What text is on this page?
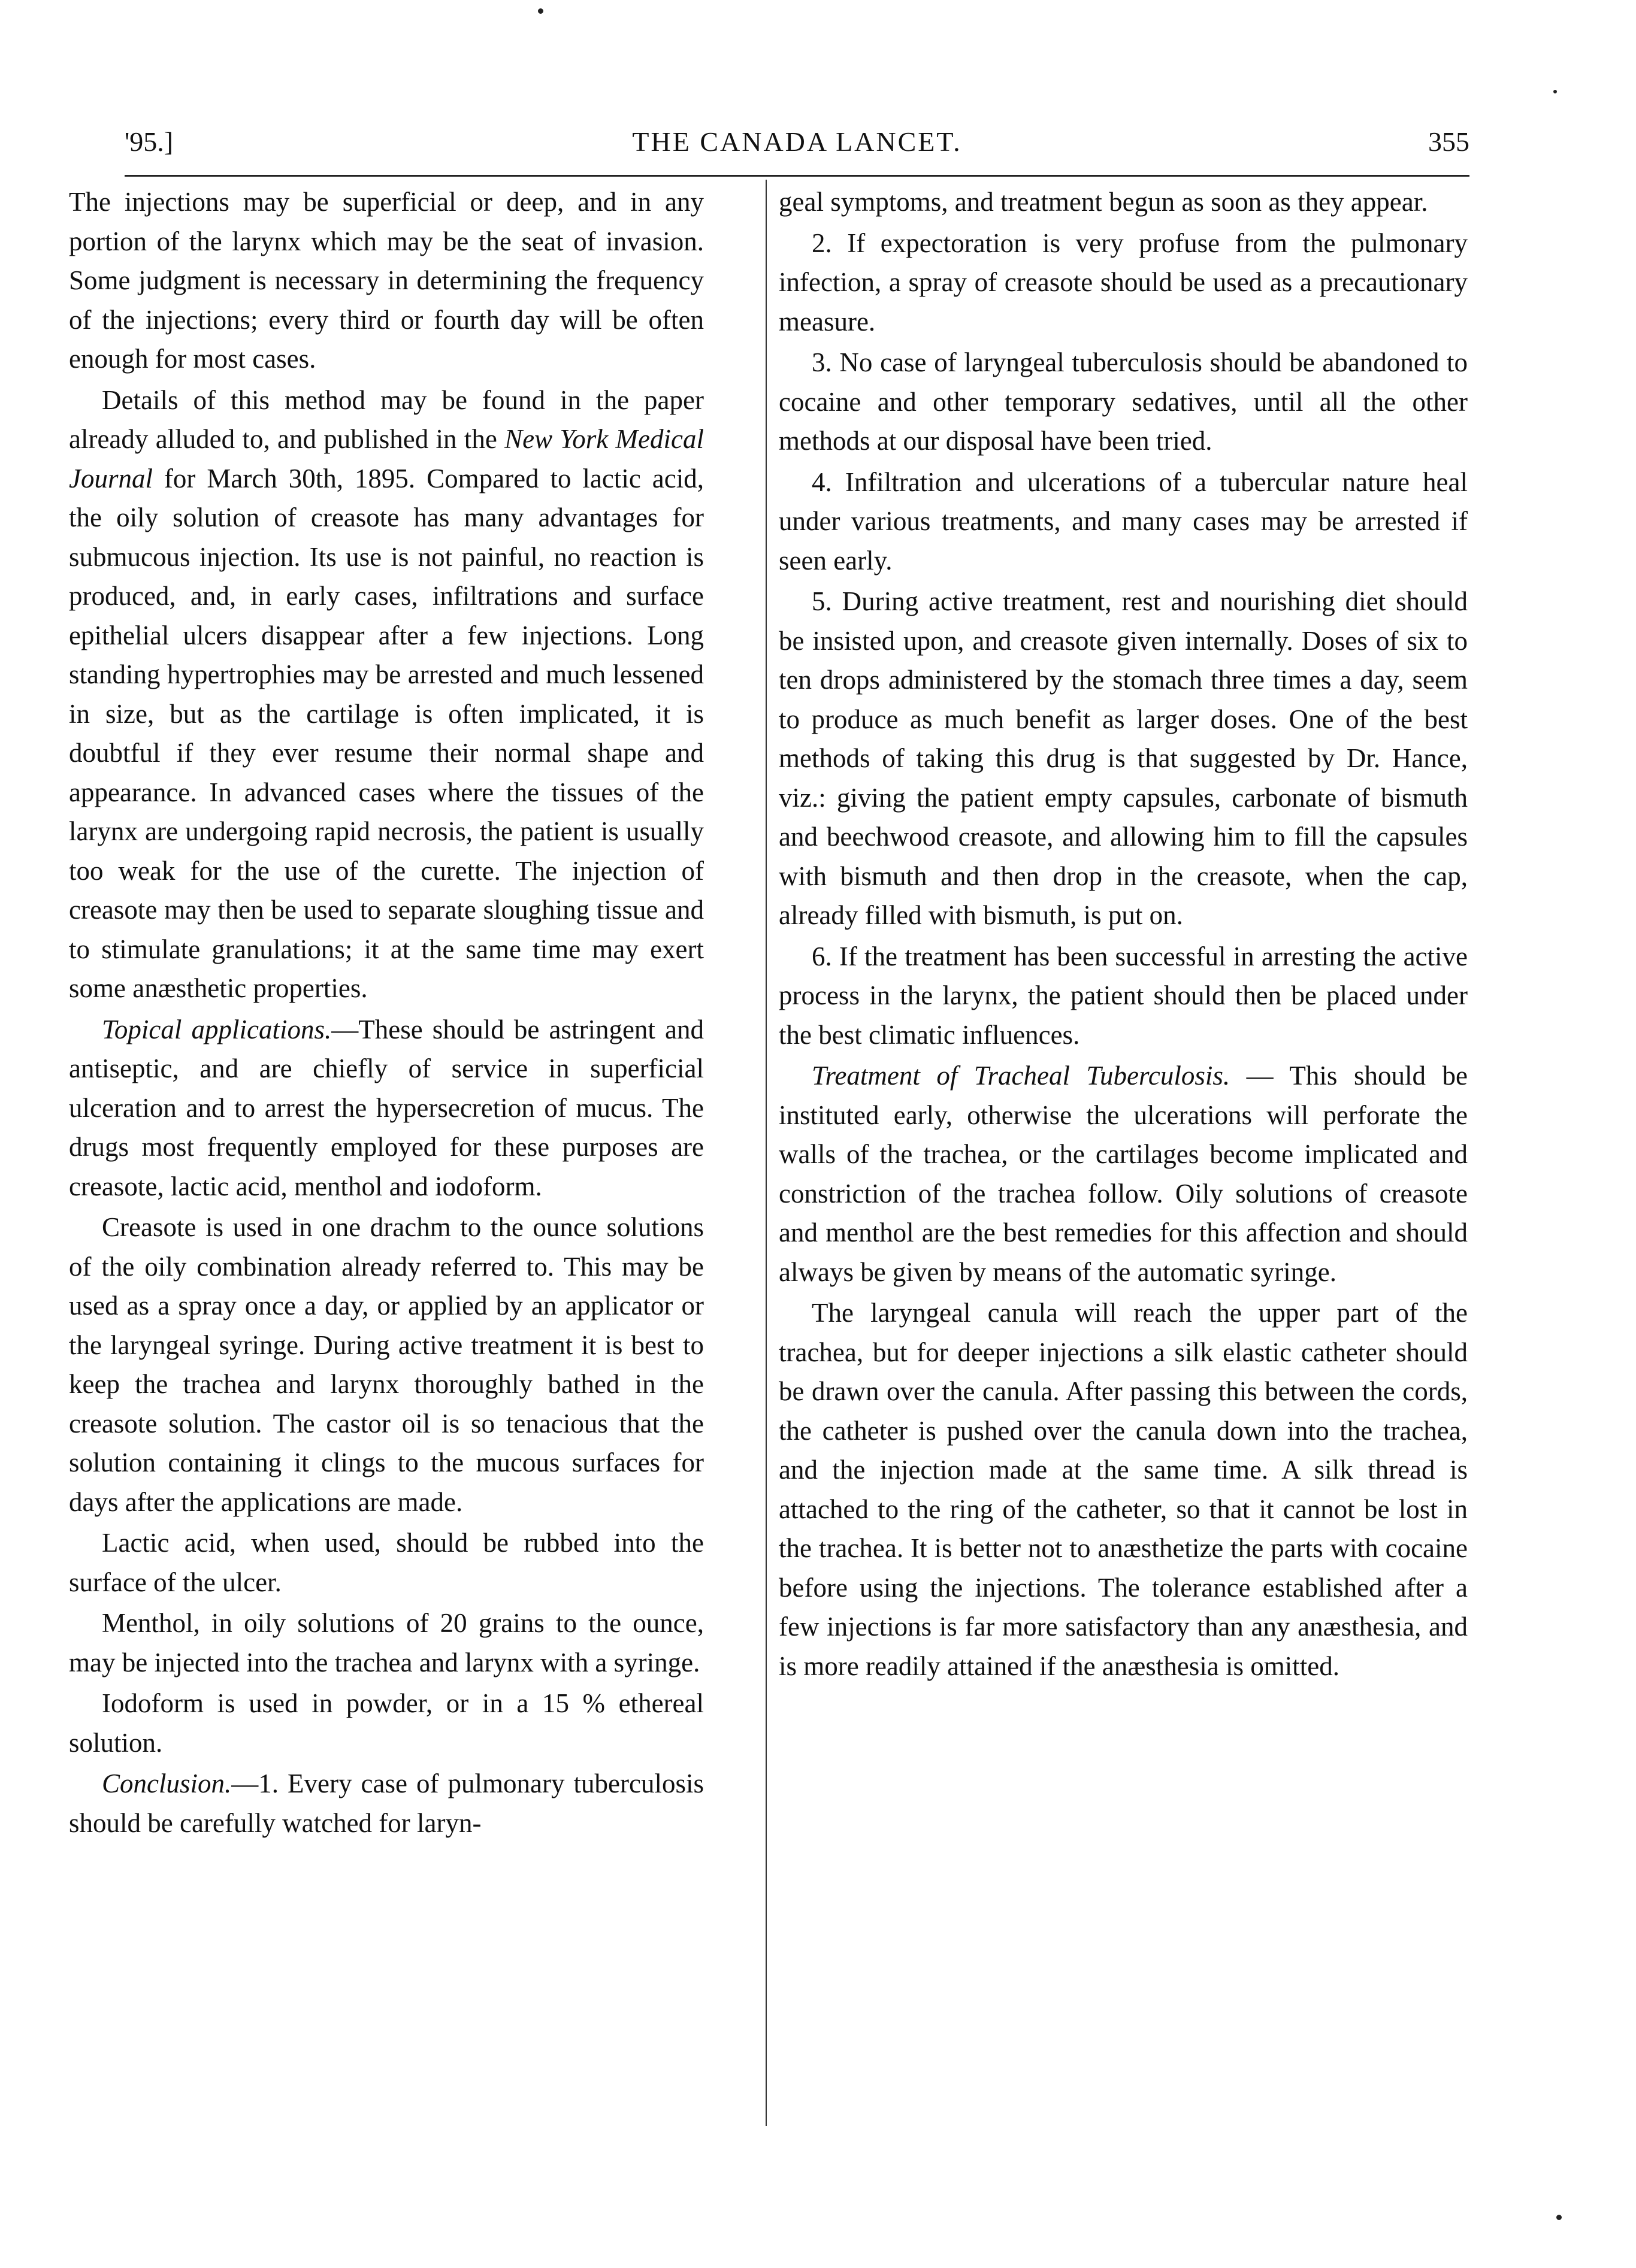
'95.]	THE CANADA LANCET.	355

The injections may be superficial or deep, and in any portion of the larynx which may be the seat of invasion. Some judgment is necessary in determining the frequency of the injections; every third or fourth day will be often enough for most cases.

Details of this method may be found in the paper already alluded to, and published in the New York Medical Journal for March 30th, 1895. Compared to lactic acid, the oily solution of creasote has many advantages for submucous injection. Its use is not painful, no reaction is produced, and, in early cases, infiltrations and surface epithelial ulcers disappear after a few injections. Long standing hypertrophies may be arrested and much lessened in size, but as the cartilage is often implicated, it is doubtful if they ever resume their normal shape and appearance. In advanced cases where the tissues of the larynx are undergoing rapid necrosis, the patient is usually too weak for the use of the curette. The injection of creasote may then be used to separate sloughing tissue and to stimulate granulations; it at the same time may exert some anæsthetic properties.

Topical applications.—These should be astringent and antiseptic, and are chiefly of service in superficial ulceration and to arrest the hypersecretion of mucus. The drugs most frequently employed for these purposes are creasote, lactic acid, menthol and iodoform.

Creasote is used in one drachm to the ounce solutions of the oily combination already referred to. This may be used as a spray once a day, or applied by an applicator or the laryngeal syringe. During active treatment it is best to keep the trachea and larynx thoroughly bathed in the creasote solution. The castor oil is so tenacious that the solution containing it clings to the mucous surfaces for days after the applications are made.

Lactic acid, when used, should be rubbed into the surface of the ulcer.

Menthol, in oily solutions of 20 grains to the ounce, may be injected into the trachea and larynx with a syringe.

Iodoform is used in powder, or in a 15 % ethereal solution.

Conclusion.—1. Every case of pulmonary tuberculosis should be carefully watched for laryn-

geal symptoms, and treatment begun as soon as they appear.

2. If expectoration is very profuse from the pulmonary infection, a spray of creasote should be used as a precautionary measure.

3. No case of laryngeal tuberculosis should be abandoned to cocaine and other temporary sedatives, until all the other methods at our disposal have been tried.

4. Infiltration and ulcerations of a tubercular nature heal under various treatments, and many cases may be arrested if seen early.

5. During active treatment, rest and nourishing diet should be insisted upon, and creasote given internally. Doses of six to ten drops administered by the stomach three times a day, seem to produce as much benefit as larger doses. One of the best methods of taking this drug is that suggested by Dr. Hance, viz.: giving the patient empty capsules, carbonate of bismuth and beechwood creasote, and allowing him to fill the capsules with bismuth and then drop in the creasote, when the cap, already filled with bismuth, is put on.

6. If the treatment has been successful in arresting the active process in the larynx, the patient should then be placed under the best climatic influences.

Treatment of Tracheal Tuberculosis. — This should be instituted early, otherwise the ulcerations will perforate the walls of the trachea, or the cartilages become implicated and constriction of the trachea follow. Oily solutions of creasote and menthol are the best remedies for this affection and should always be given by means of the automatic syringe.

The laryngeal canula will reach the upper part of the trachea, but for deeper injections a silk elastic catheter should be drawn over the canula. After passing this between the cords, the catheter is pushed over the canula down into the trachea, and the injection made at the same time. A silk thread is attached to the ring of the catheter, so that it cannot be lost in the trachea. It is better not to anæsthetize the parts with cocaine before using the injections. The tolerance established after a few injections is far more satisfactory than any anæsthesia, and is more readily attained if the anæsthesia is omitted.
